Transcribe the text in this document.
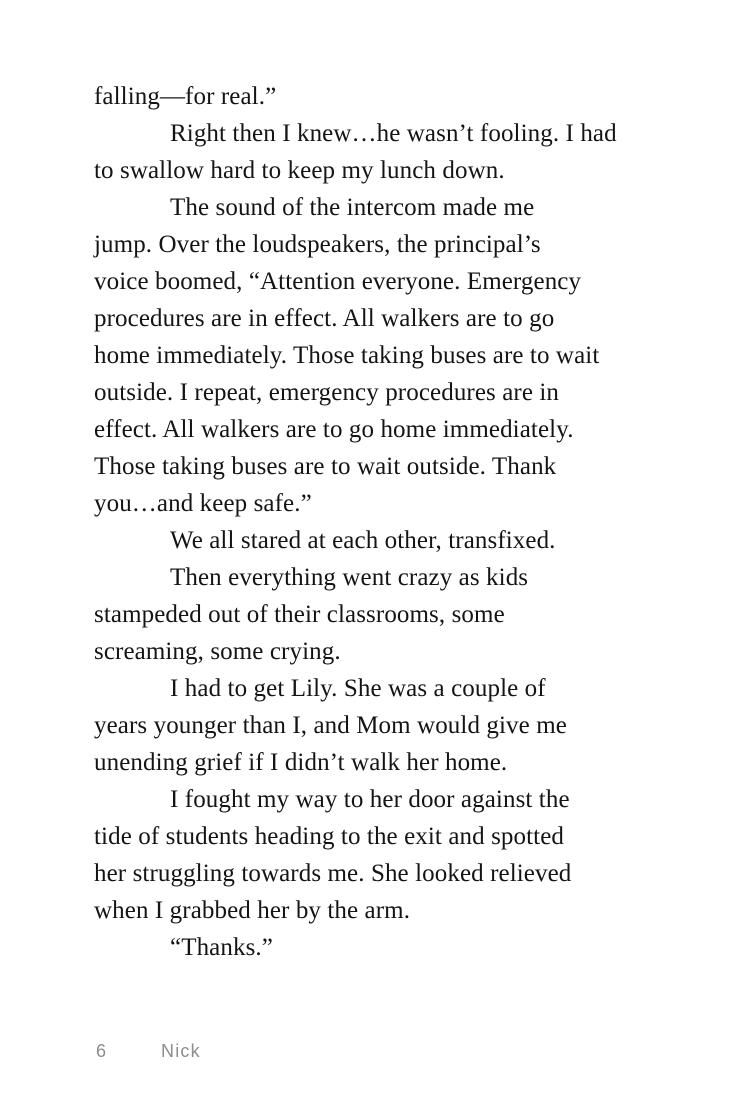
falling—for real.”
Right then I knew…he wasn’t fooling. I had
to swallow hard to keep my lunch down.
The sound of the intercom made me
jump. Over the loudspeakers, the principal’s
voice boomed, “Attention everyone. Emergency
procedures are in effect. All walkers are to go
home immediately. Those taking buses are to wait
outside. I repeat, emergency procedures are in
effect. All walkers are to go home immediately.
Those taking buses are to wait outside. Thank
you…and keep safe.”
We all stared at each other, transfixed.
Then everything went crazy as kids
stampeded out of their classrooms, some
screaming, some crying.
I had to get Lily. She was a couple of
years younger than I, and Mom would give me
unending grief if I didn’t walk her home.
I fought my way to her door against the
tide of students heading to the exit and spotted
her struggling towards me. She looked relieved
when I grabbed her by the arm.
“Thanks.”
6	Nick
